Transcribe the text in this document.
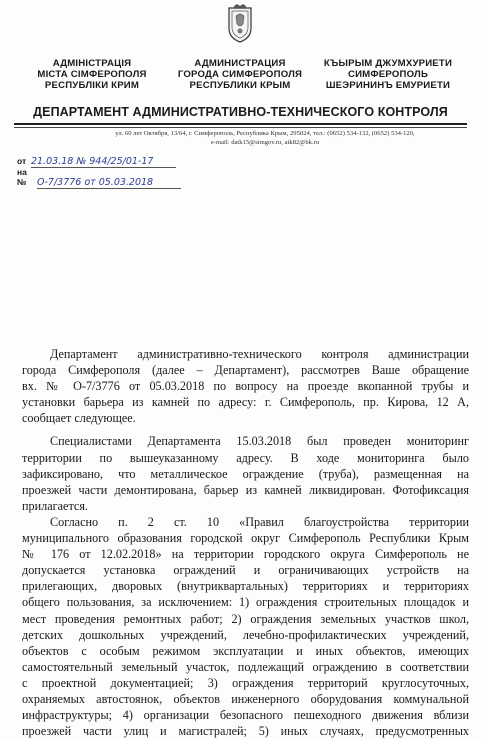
АДМІНІСТРАЦІЯ
МІСТА СІМФЕРОПОЛЯ
РЕСПУБЛІКИ КРИМ
АДМИНИСТРАЦИЯ
ГОРОДА СИМФЕРОПОЛЯ
РЕСПУБЛИКИ КРЫМ
КЪЫРЫМ ДЖУМХУРИЕТИ
СИМФЕРОПОЛЬ
ШЕЭРИНИНЪ ЕМУРИЕТИ
ДЕПАРТАМЕНТ АДМИНИСТРАТИВНО-ТЕХНИЧЕСКОГО КОНТРОЛЯ
ул. 60 лет Октября, 13/64, г. Симферополь, Республика Крым, 295024, тел.: (0652) 534-132, (0652) 534-120,
e-mail: datk15@simgov.ru, atk82@bk.ru
от 21.03.18 № 944/25/01-17
на № О-7/3776 от 05.03.2018
Департамент административно-технического контроля администрации
города Симферополя (далее – Департамент), рассмотрев Ваше обращение
вх. № О-7/3776 от 05.03.2018 по вопросу на проезде вкопанной трубы и
установки барьера из камней по адресу: г. Симферополь, пр. Кирова, 12 А,
сообщает следующее.
Специалистами Департамента 15.03.2018 был проведен мониторинг
территории по вышеуказанному адресу. В ходе мониторинга было
зафиксировано, что металлическое ограждение (труба), размещенная на
проезжей части демонтирована, барьер из камней ликвидирован. Фотофиксация
прилагается.
Согласно п. 2 ст. 10 «Правил благоустройства территории
муниципального образования городской округ Симферополь Республики Крым
№ 176 от 12.02.2018» на территории городского округа Симферополь не
допускается установка ограждений и ограничивающих устройств на
прилегающих, дворовых (внутриквартальных) территориях и территориях
общего пользования, за исключением: 1) ограждения строительных площадок и
мест проведения ремонтных работ; 2) ограждения земельных участков школ,
детских дошкольных учреждений, лечебно-профилактических учреждений,
объектов с особым режимом эксплуатации и иных объектов, имеющих
самостоятельный земельный участок, подлежащий ограждению в соответствии
с проектной документацией; 3) ограждения территорий круглосуточных,
охраняемых автостоянок, объектов инженерного оборудования коммунальной
инфраструктуры; 4) организации безопасного пешеходного движения вблизи
проезжей части улиц и магистралей; 5) иных случаях, предусмотренных
